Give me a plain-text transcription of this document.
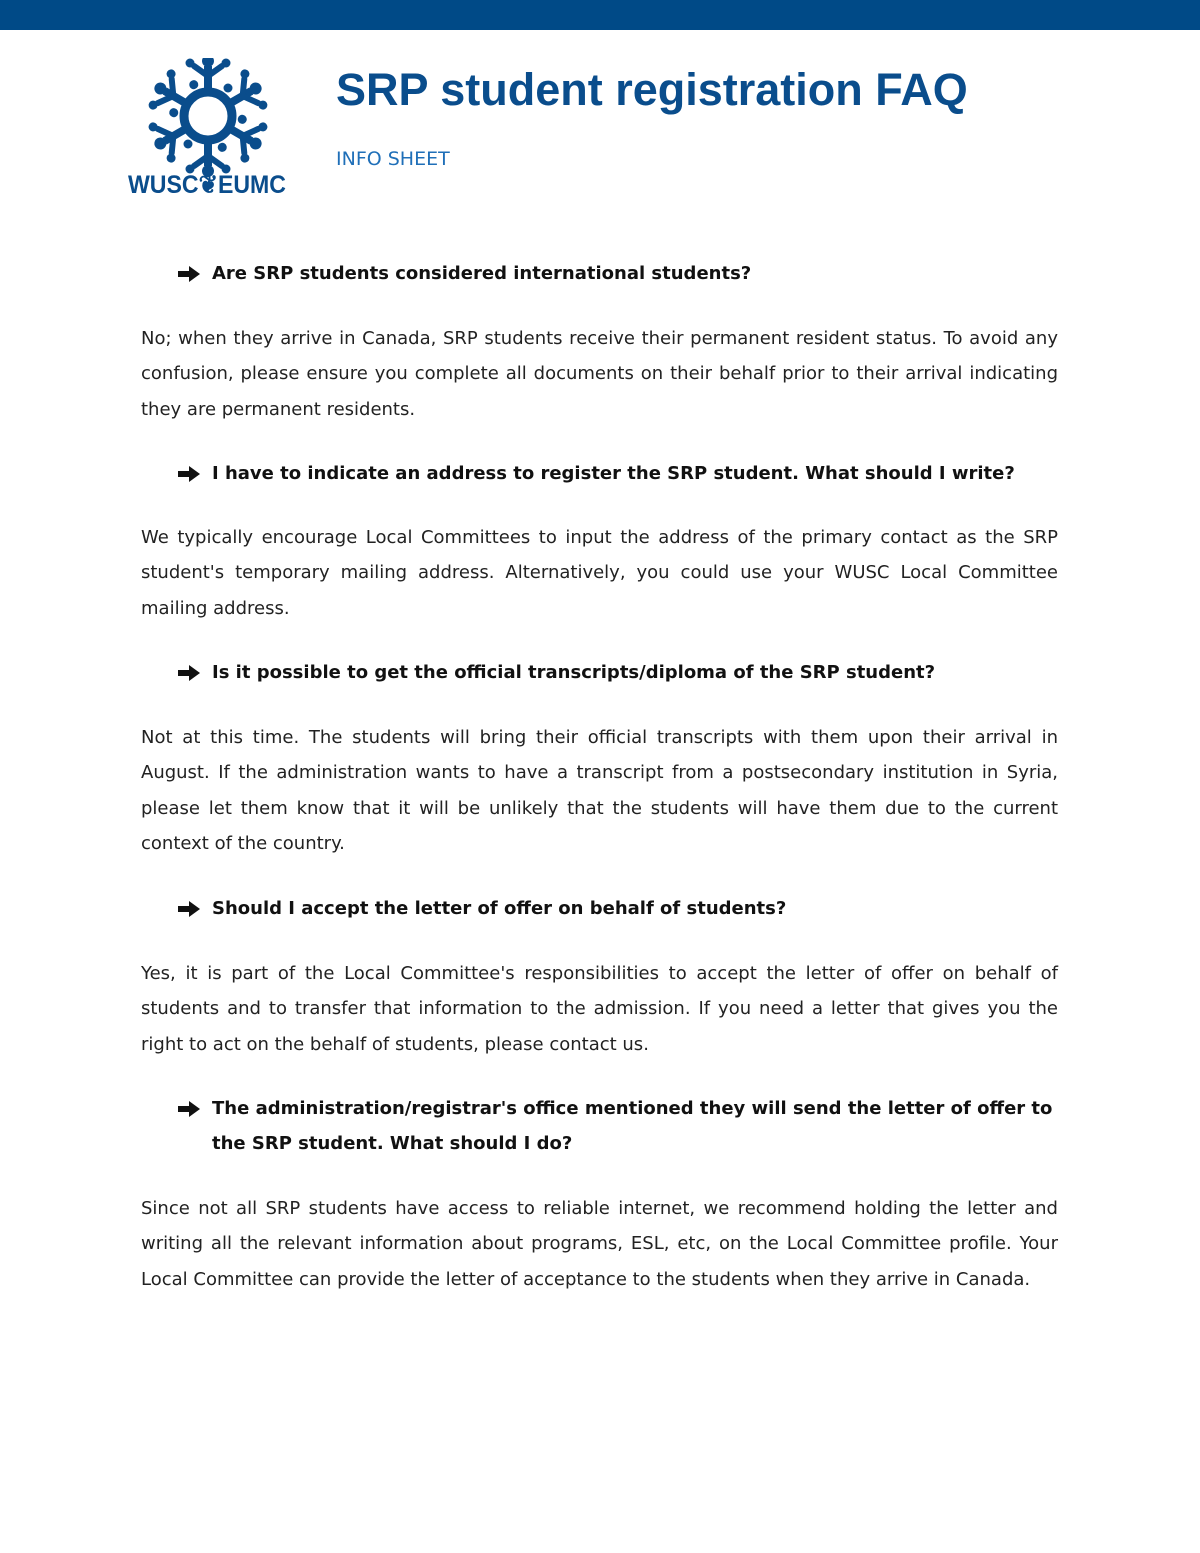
WUSC❦EUMC
SRP student registration FAQ
INFO SHEET
Are SRP students considered international students?

No; when they arrive in Canada, SRP students receive their permanent resident status. To avoid any confusion, please ensure you complete all documents on their behalf prior to their arrival indicating they are permanent residents.

I have to indicate an address to register the SRP student. What should I write?

We typically encourage Local Committees to input the address of the primary contact as the SRP student's temporary mailing address. Alternatively, you could use your WUSC Local Committee mailing address.

Is it possible to get the official transcripts/diploma of the SRP student?

Not at this time. The students will bring their official transcripts with them upon their arrival in August. If the administration wants to have a transcript from a postsecondary institution in Syria, please let them know that it will be unlikely that the students will have them due to the current context of the country.

Should I accept the letter of offer on behalf of students?

Yes, it is part of the Local Committee's responsibilities to accept the letter of offer on behalf of students and to transfer that information to the admission. If you need a letter that gives you the right to act on the behalf of students, please contact us.

The administration/registrar's office mentioned they will send the letter of offer to
the SRP student. What should I do?

Since not all SRP students have access to reliable internet, we recommend holding the letter and writing all the relevant information about programs, ESL, etc, on the Local Committee profile. Your Local Committee can provide the letter of acceptance to the students when they arrive in Canada.
